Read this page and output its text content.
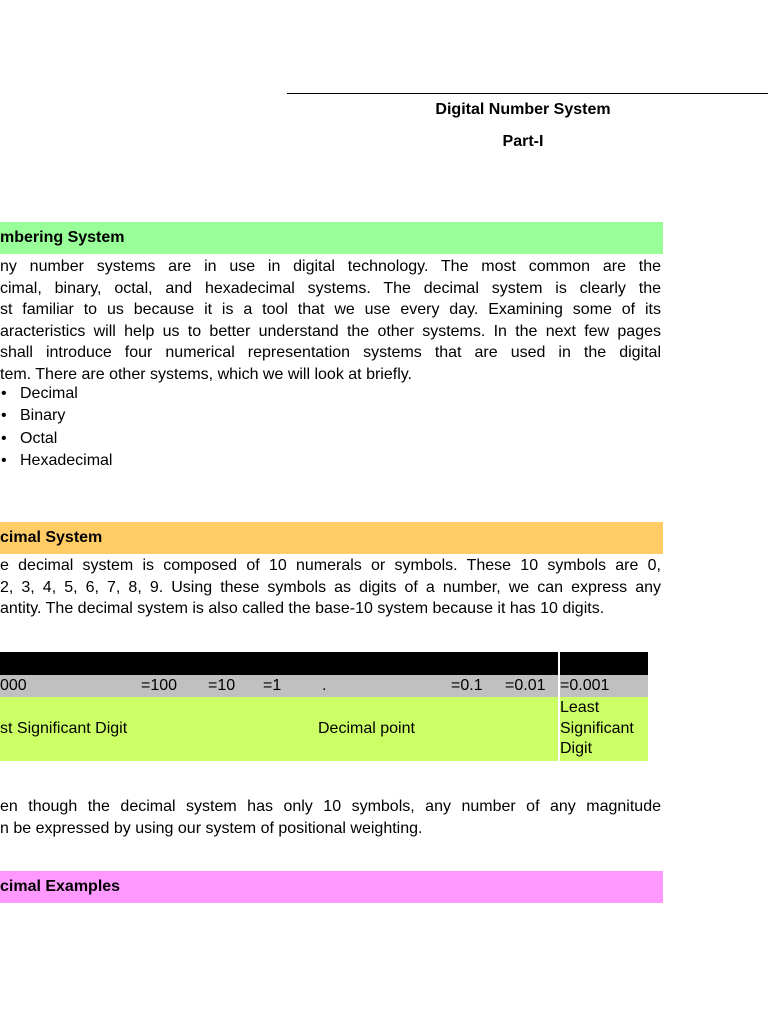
Digital Number System
Part-I
mbering System
ny number systems are in use in digital technology. The most common are the
cimal, binary, octal, and hexadecimal systems. The decimal system is clearly the
st familiar to us because it is a tool that we use every day. Examining some of its
aracteristics will help us to better understand the other systems. In the next few pages
shall introduce four numerical representation systems that are used in the digital
tem. There are other systems, which we will look at briefly.
• Decimal
• Binary
• Octal
• Hexadecimal
cimal System
e decimal system is composed of 10 numerals or symbols. These 10 symbols are 0,
2, 3, 4, 5, 6, 7, 8, 9. Using these symbols as digits of a number, we can express any
antity. The decimal system is also called the base-10 system because it has 10 digits.

000	=100	=10	=1	.	=0.1	=0.01	=0.001
st Significant Digit				Decimal point			Least Significant Digit
en though the decimal system has only 10 symbols, any number of any magnitude
n be expressed by using our system of positional weighting.
cimal Examples
